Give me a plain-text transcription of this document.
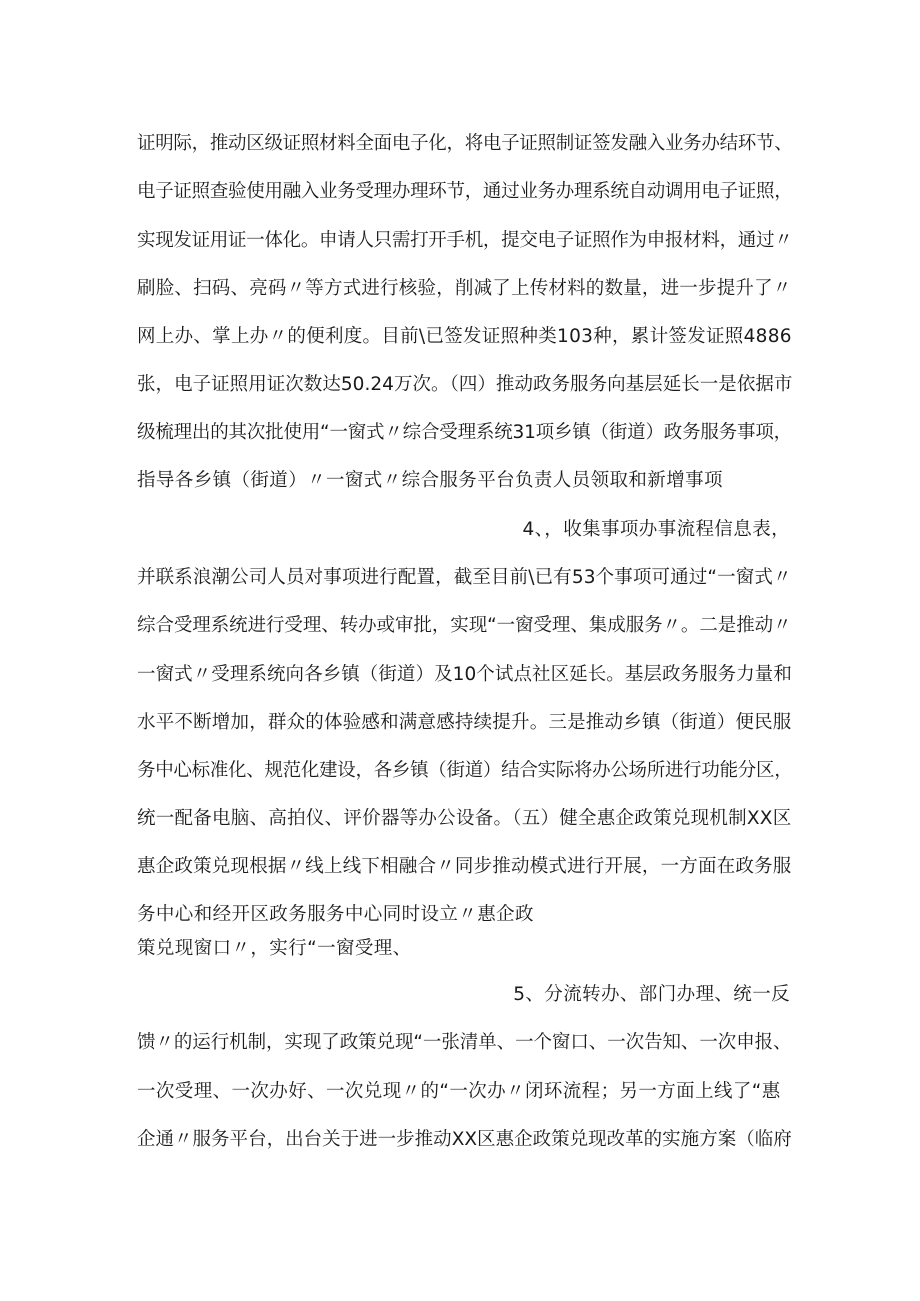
证明际，推动区级证照材料全面电子化，将电子证照制证签发融入业务办结环节、
电子证照查验使用融入业务受理办理环节，通过业务办理系统自动调用电子证照，
实现发证用证一体化。申请人只需打开手机，提交电子证照作为申报材料，通过〃
刷脸、扫码、亮码〃等方式进行核验，削减了上传材料的数量，进一步提升了〃
网上办、掌上办〃的便利度。目前\已签发证照种类103种，累计签发证照4886
张，电子证照用证次数达50.24万次。（四）推动政务服务向基层延长一是依据市
级梳理出的其次批使用“一窗式〃综合受理系统31项乡镇（街道）政务服务事项，
指导各乡镇（街道）〃一窗式〃综合服务平台负责人员领取和新增事项
4、，收集事项办事流程信息表，
并联系浪潮公司人员对事项进行配置，截至目前\已有53个事项可通过“一窗式〃
综合受理系统进行受理、转办或审批，实现“一窗受理、集成服务〃。二是推动〃
一窗式〃受理系统向各乡镇（街道）及10个试点社区延长。基层政务服务力量和
水平不断增加，群众的体验感和满意感持续提升。三是推动乡镇（街道）便民服
务中心标准化、规范化建设，各乡镇（街道）结合实际将办公场所进行功能分区，
统一配备电脑、高拍仪、评价器等办公设备。（五）健全惠企政策兑现机制XX区
惠企政策兑现根据〃线上线下相融合〃同步推动模式进行开展，一方面在政务服
务中心和经开区政务服务中心同时设立〃惠企政
策兑现窗口〃，实行“一窗受理、
5、分流转办、部门办理、统一反
馈〃的运行机制，实现了政策兑现“一张清单、一个窗口、一次告知、一次申报、
一次受理、一次办好、一次兑现〃的“一次办〃闭环流程；另一方面上线了“惠
企通〃服务平台，出台关于进一步推动XX区惠企政策兑现改革的实施方案（临府
